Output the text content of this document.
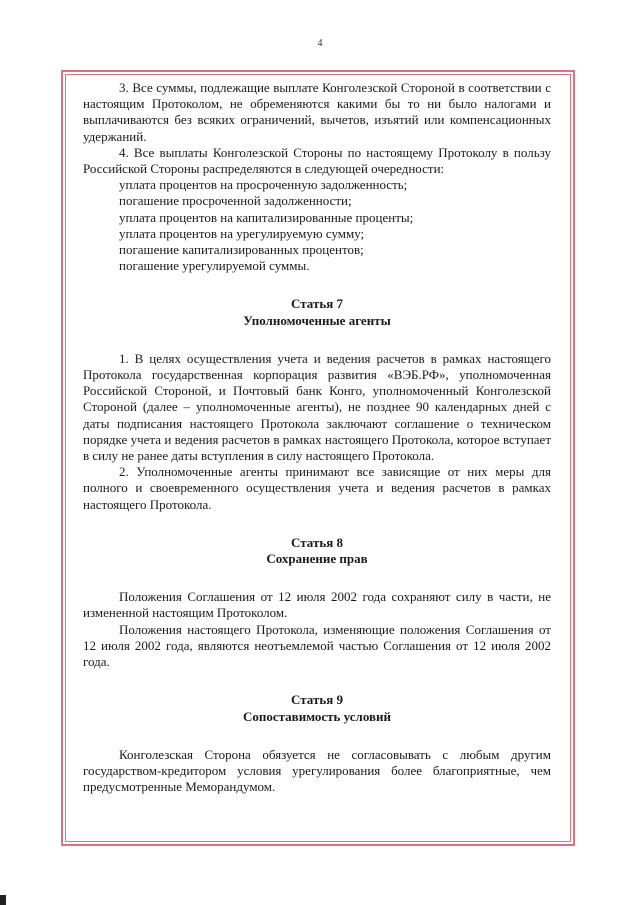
4

3. Все суммы, подлежащие выплате Конголезской Стороной в соответствии с настоящим Протоколом, не обременяются какими бы то ни было налогами и выплачиваются без всяких ограничений, вычетов, изъятий или компенсационных удержаний.

4. Все выплаты Конголезской Стороны по настоящему Протоколу в пользу Российской Стороны распределяются в следующей очередности:

уплата процентов на просроченную задолженность;

погашение просроченной задолженности;

уплата процентов на капитализированные проценты;

уплата процентов на урегулируемую сумму;

погашение капитализированных процентов;

погашение урегулируемой суммы.

Статья 7

Уполномоченные агенты

1. В целях осуществления учета и ведения расчетов в рамках настоящего Протокола государственная корпорация развития «ВЭБ.РФ», уполномоченная Российской Стороной, и Почтовый банк Конго, уполномоченный Конголезской Стороной (далее – уполномоченные агенты), не позднее 90 календарных дней с даты подписания настоящего Протокола заключают соглашение о техническом порядке учета и ведения расчетов в рамках настоящего Протокола, которое вступает в силу не ранее даты вступления в силу настоящего Протокола.

2. Уполномоченные агенты принимают все зависящие от них меры для полного и своевременного осуществления учета и ведения расчетов в рамках настоящего Протокола.

Статья 8

Сохранение прав

Положения Соглашения от 12 июля 2002 года сохраняют силу в части, не измененной настоящим Протоколом.

Положения настоящего Протокола, изменяющие положения Соглашения от 12 июля 2002 года, являются неотъемлемой частью Соглашения от 12 июля 2002 года.

Статья 9

Сопоставимость условий

Конголезская Сторона обязуется не согласовывать с любым другим государством-кредитором условия урегулирования более благоприятные, чем предусмотренные Меморандумом.
